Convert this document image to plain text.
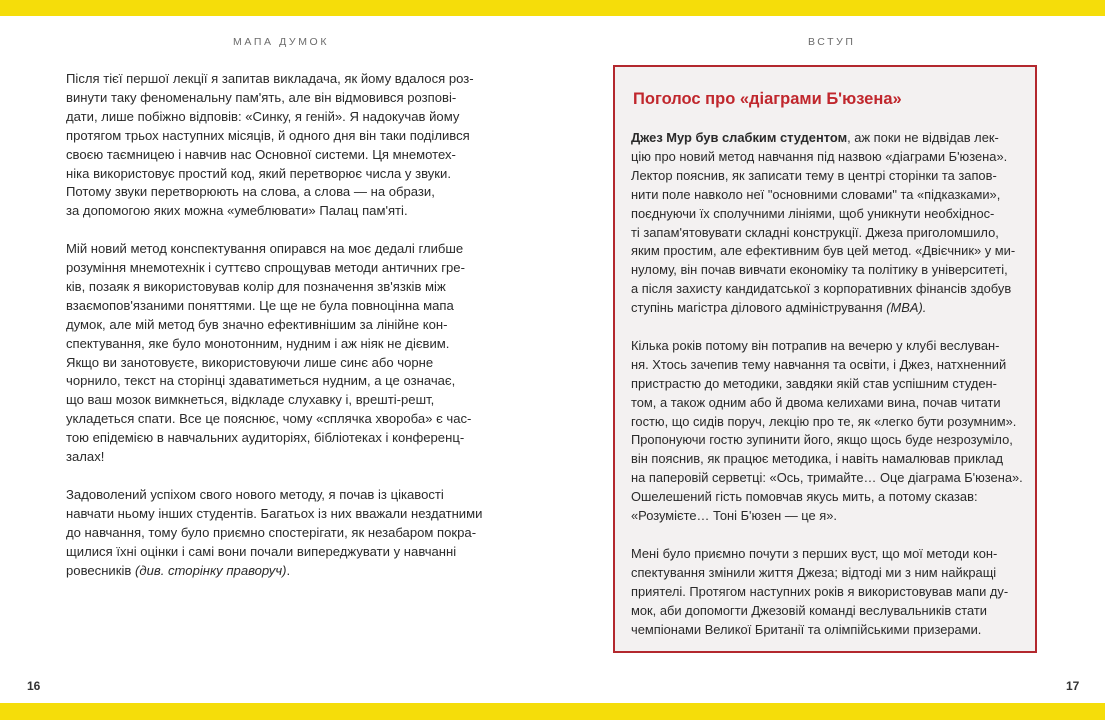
МАПА ДУМОК	ВСТУП

Після тієї першої лекції я запитав викладача, як йому вдалося роз-
винути таку феноменальну пам'ять, але він відмовився розпові-
дати, лише побіжно відповів: «Синку, я геній». Я надокучав йому
протягом трьох наступних місяців, й одного дня він таки поділився
своєю таємницею і навчив нас Основної системи. Ця мнемотех-
ніка використовує простий код, який перетворює числа у звуки.
Потому звуки перетворюють на слова, а слова — на образи,
за допомогою яких можна «умеблювати» Палац пам'яті.

Мій новий метод конспектування опирався на моє дедалі глибше
розуміння мнемотехнік і суттєво спрощував методи античних гре-
ків, позаяк я використовував колір для позначення зв'язків між
взаємопов'язаними поняттями. Це ще не була повноцінна мапа
думок, але мій метод був значно ефективнішим за лінійне кон-
спектування, яке було монотонним, нудним і аж ніяк не дієвим.
Якщо ви занотовуєте, використовуючи лише синє або чорне
чорнило, текст на сторінці здаватиметься нудним, а це означає,
що ваш мозок вимкнеться, відкладе слухавку і, врешті-решт,
укладеться спати. Все це пояснює, чому «сплячка хвороба» є час-
тою епідемією в навчальних аудиторіях, бібліотеках і конференц-
залах!

Задоволений успіхом свого нового методу, я почав із цікавості
навчати ньому інших студентів. Багатьох із них вважали нездатними
до навчання, тому було приємно спостерігати, як незабаром покра-
щилися їхні оцінки і самі вони почали випереджувати у навчанні
ровесників (див. сторінку праворуч).

Поголос про «діаграми Б'юзена»

Джез Мур був слабким студентом, аж поки не відвідав лек-
цію про новий метод навчання під назвою «діаграми Б'юзена».
Лектор пояснив, як записати тему в центрі сторінки та запов-
нити поле навколо неї "основними словами" та «підказками»,
поєднуючи їх сполучними лініями, щоб уникнути необхіднос-
ті запам'ятовувати складні конструкції. Джеза приголомшило,
яким простим, але ефективним був цей метод. «Двієчник» у ми-
нулому, він почав вивчати економіку та політику в університеті,
а після захисту кандидатської з корпоративних фінансів здобув
ступінь магістра ділового адміністрування (MBA).

Кілька років потому він потрапив на вечерю у клубі веслуван-
ня. Хтось зачепив тему навчання та освіти, і Джез, натхненний
пристрастю до методики, завдяки якій став успішним студен-
том, а також одним або й двома келихами вина, почав читати
гостю, що сидів поруч, лекцію про те, як «легко бути розумним».
Пропонуючи гостю зупинити його, якщо щось буде незрозуміло,
він пояснив, як працює методика, і навіть намалював приклад
на паперовій серветці: «Ось, тримайте… Оце діаграма Б'юзена».
Ошелешений гість помовчав якусь мить, а потому сказав:
«Розумієте… Тоні Б'юзен — це я».

Мені було приємно почути з перших вуст, що мої методи кон-
спектування змінили життя Джеза; відтоді ми з ним найкращі
приятелі. Протягом наступних років я використовував мапи ду-
мок, аби допомогти Джезовій команді веслувальників стати
чемпіонами Великої Британії та олімпійськими призерами.

16	17
